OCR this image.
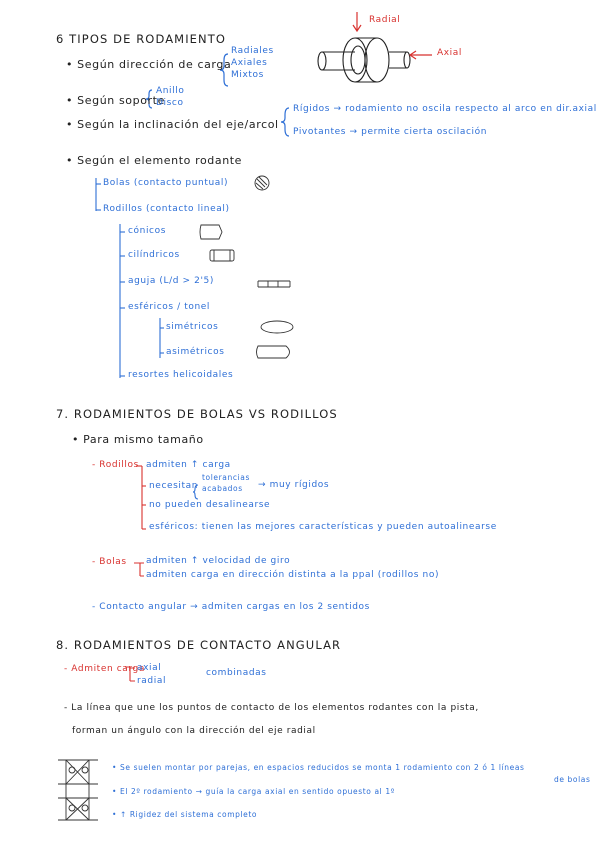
6 TIPOS DE RODAMIENTO
• Según dirección de carga
Radiales
Axiales
Mixtos
Radial
Axial
• Según soporte
Anillo
Disco
• Según la inclinación del eje/arcol
Rígidos → rodamiento no oscila respecto al arco en dir.axial
Pivotantes → permite cierta oscilación
• Según el elemento rodante
Bolas (contacto puntual)
Rodillos (contacto lineal)
cónicos
cilíndricos
aguja (L/d > 2'5)
esféricos / tonel
simétricos
asimétricos
resortes helicoidales
7. RODAMIENTOS DE BOLAS VS RODILLOS
• Para mismo tamaño
- Rodillos admiten ↑ carga
necesitan
tolerancias
acabados → muy rígidos
no pueden desalinearse
esféricos: tienen las mejores características y pueden autoalinearse
- Bolas admiten ↑ velocidad de giro
admiten carga en dirección distinta a la ppal (rodillos no)
- Contacto angular → admiten cargas en los 2 sentidos
8. RODAMIENTOS DE CONTACTO ANGULAR
- Admiten carga
axial
radial
combinadas
- La línea que une los puntos de contacto de los elementos rodantes con la pista,
forman un ángulo con la dirección del eje radial
• Se suelen montar por parejas, en espacios reducidos se monta 1 rodamiento con 2 ó 1 líneas
de bolas
• El 2º rodamiento → guía la carga axial en sentido opuesto al 1º
• ↑ Rigidez del sistema completo
